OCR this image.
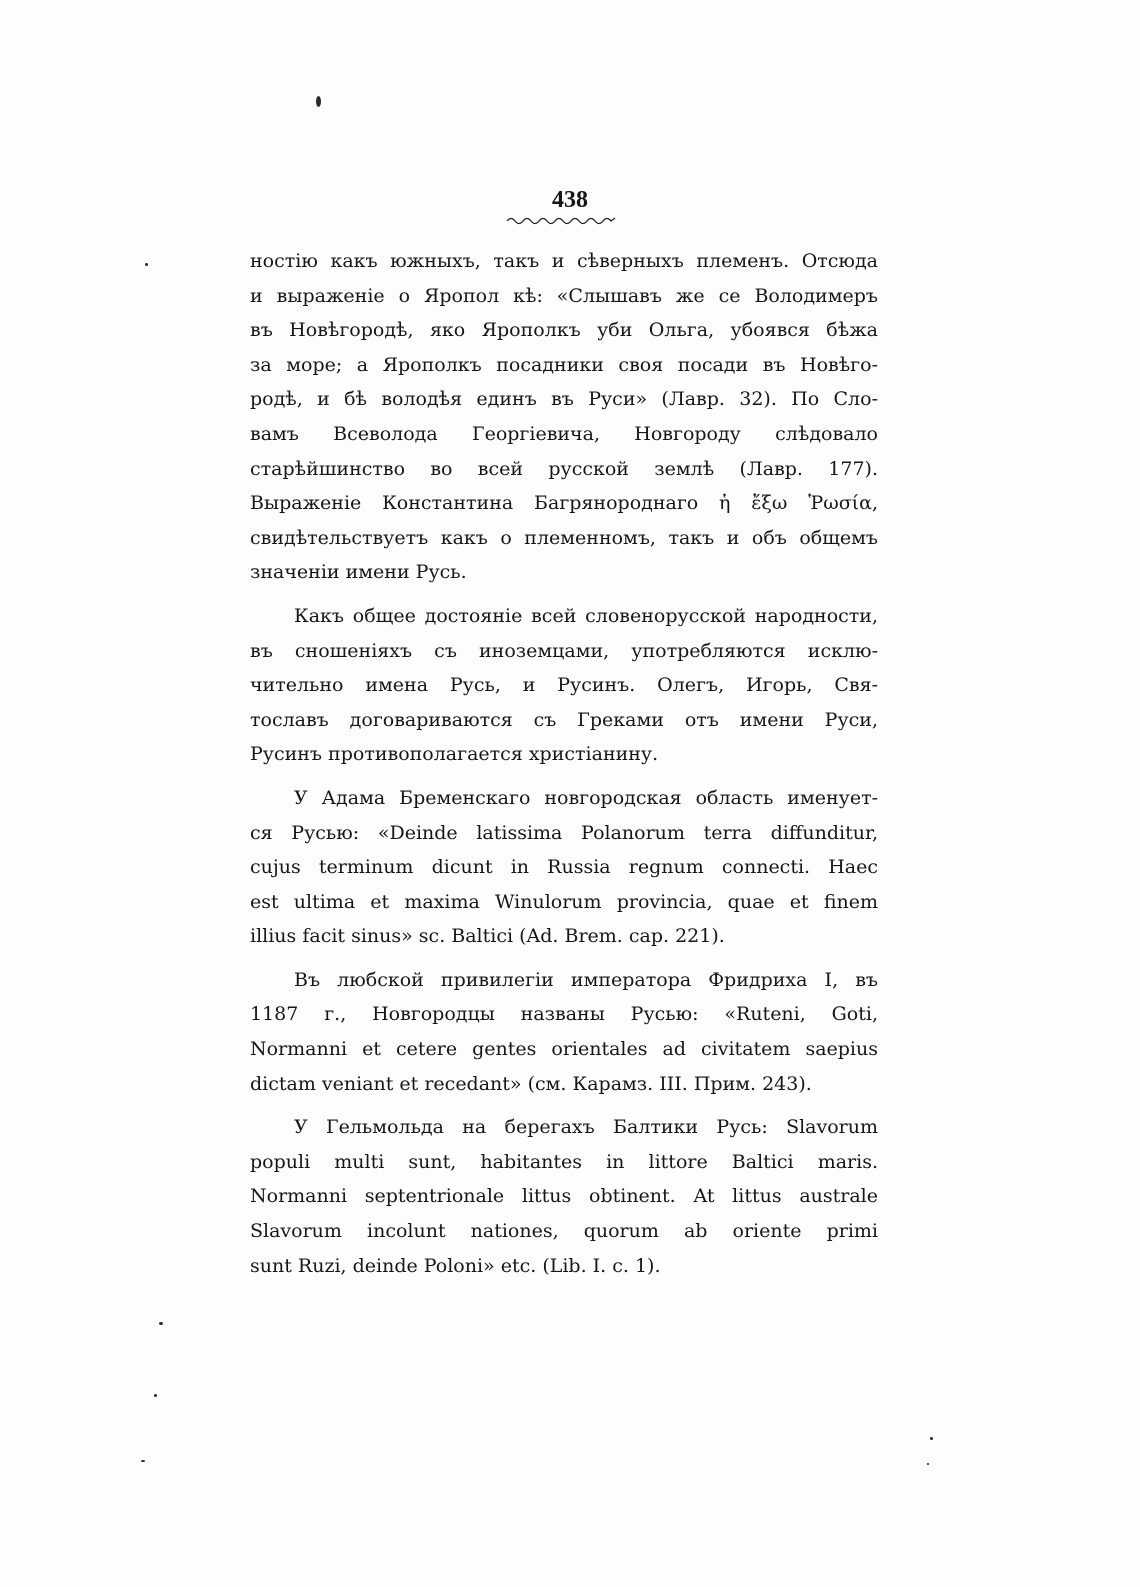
438
ностію какъ южныхъ, такъ и сѣверныхъ племенъ. Отсюда
и выраженіе о Яропол кѣ: «Слышавъ же се Володимеръ
въ Новѣгородѣ, яко Ярополкъ уби Ольга, убоявся бѣжа
за море; а Ярополкъ посадники своя посади въ Новѣго-
родѣ, и бѣ володѣя единъ въ Руси» (Лавр. 32). По Сло-
вамъ Всеволода Георгіевича, Новгороду слѣдовало
старѣйшинство во всей русской землѣ (Лавр. 177).
Выраженіе Константина Багрянороднаго ἡ ἔξω Ῥωσία,
свидѣтельствуетъ какъ о племенномъ, такъ и объ общемъ
значеніи имени Русь.
Какъ общее достояніе всей словенорусской народности,
въ сношеніяхъ съ иноземцами, употребляются исклю-
чительно имена Русь, и Русинъ. Олегъ, Игорь, Свя-
тославъ договариваются съ Греками отъ имени Руси,
Русинъ противополагается христіанину.
У Адама Бременскаго новгородская область именует-
ся Русью: «Deinde latissima Polanorum terra diffunditur,
cujus terminum dicunt in Russia regnum connecti. Haec
est ultima et maxima Winulorum provincia, quae et finem
illius facit sinus» sc. Baltici (Ad. Brem. cap. 221).
Въ любской привилегіи императора Фридриха I, въ
1187 г., Новгородцы названы Русью: «Ruteni, Goti,
Normanni et cetere gentes orientales ad civitatem saepius
dictam veniant et recedant» (см. Карамз. III. Прим. 243).
У Гельмольда на берегахъ Балтики Русь: Slavorum
populi multi sunt, habitantes in littore Baltici maris.
Normanni septentrionale littus obtinent. At littus australe
Slavorum incolunt nationes, quorum ab oriente primi
sunt Ruzi, deinde Poloni» etc. (Lib. I. c. 1).
